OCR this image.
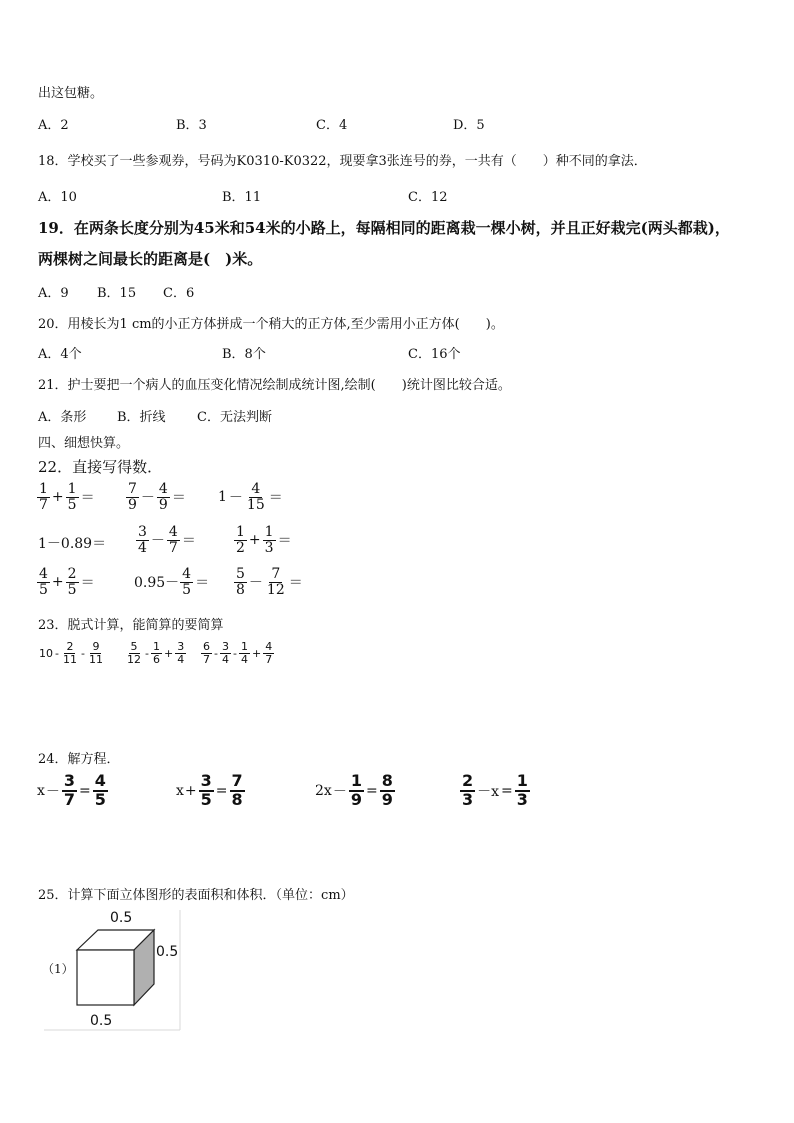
出这包糖。
A．2	B．3	C．4	D．5
18．学校买了一些参观券，号码为K0310-K0322，现要拿3张连号的券，一共有（　　）种不同的拿法．
A．10	B．11	C．12
19．在两条长度分别为45米和54米的小路上，每隔相同的距离栽一棵小树，并且正好栽完(两头都栽)，
两棵树之间最长的距离是(　)米。
A．9 B．15 C．6
20．用棱长为1 cm的小正方体拼成一个稍大的正方体,至少需用小正方体(　　)。
A．4个	B．8个	C．16个
21．护士要把一个病人的血压变化情况绘制成统计图,绘制(　　)统计图比较合适。
A．条形 B．折线 C．无法判断
四、细想快算。
22．直接写得数．
$\frac{1}{7} + \frac{1}{5} = \frac{7}{9} - \frac{4}{9} = 1 - \frac{4}{15}$ ＝
$1-0.89= \frac{3}{4} - \frac{4}{7}$ ＝	$\frac{1}{2} + \frac{1}{3}$ ＝
$\frac{4}{5} + \frac{2}{5}$ ＝	$0.95- \frac{4}{5} = \frac{5}{8} - \frac{7}{12}$ ＝
23．脱式计算，能简算的要简算
$10 - \frac{2}{11} - \frac{9}{11} \frac{5}{12} - \frac{1}{6} + \frac{3}{4} \frac{6}{7} - \frac{3}{4} - \frac{1}{4} + \frac{4}{7}$
24．解方程．
$x - \frac{3}{7} = \frac{4}{5}$	$x + \frac{3}{5} = \frac{7}{8}$	$2x - \frac{1}{9} = \frac{8}{9}$	$\frac{2}{3} -x = \frac{1}{3}$
25．计算下面立体图形的表面积和体积．（单位：cm）
0.5
0.5
0.5
（1）
